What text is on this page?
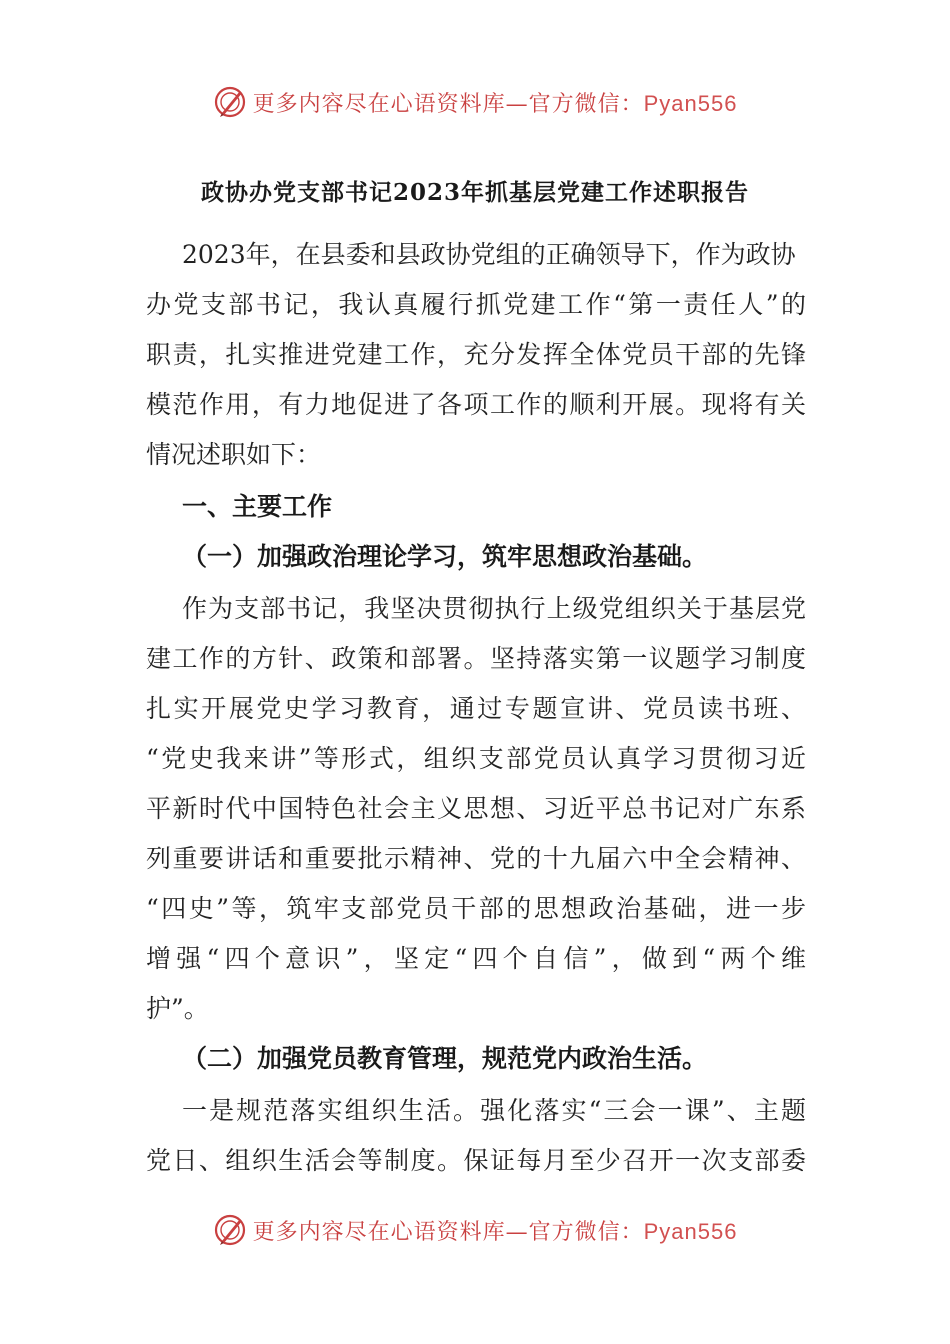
更多内容尽在心语资料库—官方微信：Pyan556
政协办党支部书记2023年抓基层党建工作述职报告
2023年，在县委和县政协党组的正确领导下，作为政协
办党支部书记，我认真履行抓党建工作“第一责任人”的
职责，扎实推进党建工作，充分发挥全体党员干部的先锋
模范作用，有力地促进了各项工作的顺利开展。现将有关
情况述职如下：
一、主要工作
（一）加强政治理论学习，筑牢思想政治基础。
作为支部书记，我坚决贯彻执行上级党组织关于基层党
建工作的方针、政策和部署。坚持落实第一议题学习制度
扎实开展党史学习教育，通过专题宣讲、党员读书班、
“党史我来讲”等形式，组织支部党员认真学习贯彻习近
平新时代中国特色社会主义思想、习近平总书记对广东系
列重要讲话和重要批示精神、党的十九届六中全会精神、
“四史”等，筑牢支部党员干部的思想政治基础，进一步
增强“四个意识”，坚定“四个自信”，做到“两个维
护”。
（二）加强党员教育管理，规范党内政治生活。
一是规范落实组织生活。强化落实“三会一课”、主题
党日、组织生活会等制度。保证每月至少召开一次支部委
更多内容尽在心语资料库—官方微信：Pyan556
